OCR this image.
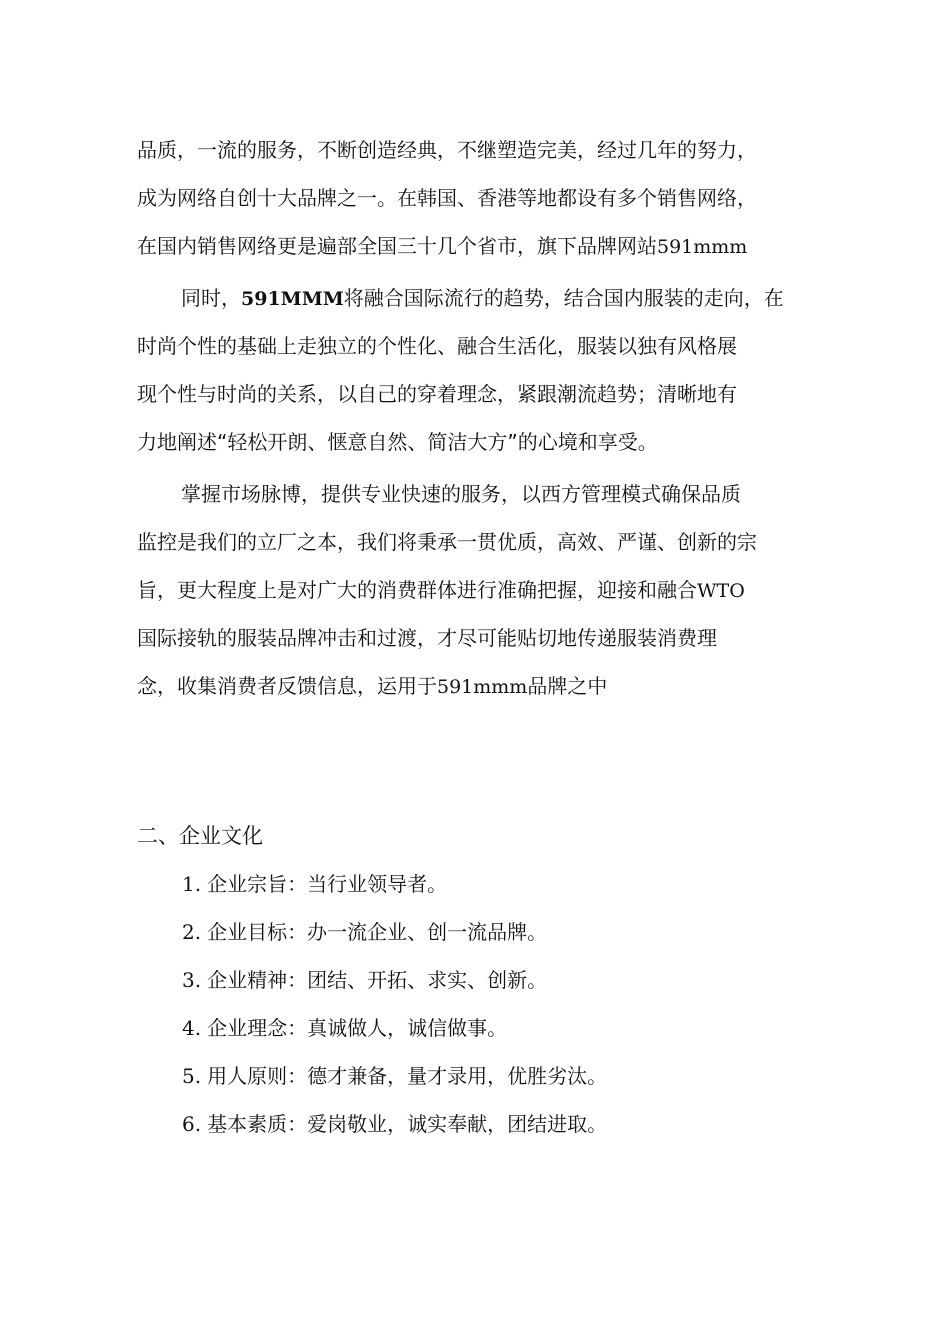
品质，一流的服务，不断创造经典，不继塑造完美，经过几年的努力，
成为网络自创十大品牌之一。在韩国、香港等地都设有多个销售网络，
在国内销售网络更是遍部全国三十几个省市，旗下品牌网站591mmm
同时，591MMM将融合国际流行的趋势，结合国内服装的走向，在
时尚个性的基础上走独立的个性化、融合生活化，服装以独有风格展
现个性与时尚的关系，以自己的穿着理念，紧跟潮流趋势；清晰地有
力地阐述“轻松开朗、惬意自然、简洁大方”的心境和享受。
掌握市场脉博，提供专业快速的服务，以西方管理模式确保品质
监控是我们的立厂之本，我们将秉承一贯优质，高效、严谨、创新的宗
旨，更大程度上是对广大的消费群体进行准确把握，迎接和融合WTO
国际接轨的服装品牌冲击和过渡，才尽可能贴切地传递服装消费理
念，收集消费者反馈信息，运用于591mmm品牌之中
二、企业文化
1. 企业宗旨：当行业领导者。
2. 企业目标：办一流企业、创一流品牌。
3. 企业精神：团结、开拓、求实、创新。
4. 企业理念：真诚做人，诚信做事。
5. 用人原则：德才兼备，量才录用，优胜劣汰。
6. 基本素质：爱岗敬业，诚实奉献，团结进取。
